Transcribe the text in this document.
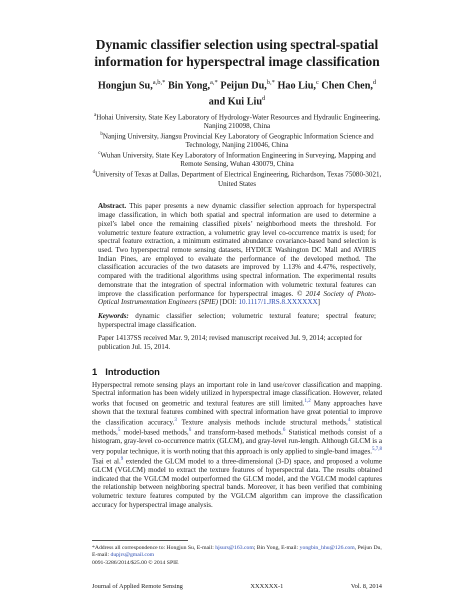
Dynamic classifier selection using spectral-spatial information for hyperspectral image classification
Hongjun Su,$^{a,b,*}$ Bin Yong,$^{a,*}$ Peijun Du,$^{b,*}$ Hao Liu,$^c$ Chen Chen,$^d$ and Kui Liu$^d$
$^a$Hohai University, State Key Laboratory of Hydrology-Water Resources and Hydraulic Engineering, Nanjing 210098, China
$^b$Nanjing University, Jiangsu Provincial Key Laboratory of Geographic Information Science and Technology, Nanjing 210046, China
$^c$Wuhan University, State Key Laboratory of Information Engineering in Surveying, Mapping and Remote Sensing, Wuhan 430079, China
$^d$University of Texas at Dallas, Department of Electrical Engineering, Richardson, Texas 75080-3021, United States
Abstract. This paper presents a new dynamic classifier selection approach for hyperspectral image classification, in which both spatial and spectral information are used to determine a pixel’s label once the remaining classified pixels’ neighborhood meets the threshold. For volumetric texture feature extraction, a volumetric gray level co-occurrence matrix is used; for spectral feature extraction, a minimum estimated abundance covariance-based band selection is used. Two hyperspectral remote sensing datasets, HYDICE Washington DC Mall and AVIRIS Indian Pines, are employed to evaluate the performance of the developed method. The classification accuracies of the two datasets are improved by 1.13% and 4.47%, respectively, compared with the traditional algorithms using spectral information. The experimental results demonstrate that the integration of spectral information with volumetric textural features can improve the classification performance for hyperspectral images. © 2014 Society of Photo-Optical Instrumentation Engineers (SPIE) [DOI: 10.1117/1.JRS.8.XXXXXX]
Keywords: dynamic classifier selection; volumetric textural feature; spectral feature; hyperspectral image classification.
Paper 14137SS received Mar. 9, 2014; revised manuscript received Jul. 9, 2014; accepted for publication Jul. 15, 2014.
1 Introduction
Hyperspectral remote sensing plays an important role in land use/cover classification and mapping. Spectral information has been widely utilized in hyperspectral image classification. However, related works that focused on geometric and textural features are still limited.$^{1,2}$ Many approaches have shown that the textural features combined with spectral information have great potential to improve the classification accuracy.$^3$ Texture analysis methods include structural methods,$^4$ statistical methods,$^5$ model-based methods,$^6$ and transform-based methods.$^6$ Statistical methods consist of a histogram, gray-level co-occurrence matrix (GLCM), and gray-level run-length. Although GLCM is a very popular technique, it is worth noting that this approach is only applied to single-band images.$^{5,7,8}$ Tsai et al.$^9$ extended the GLCM model to a three-dimensional (3-D) space, and proposed a volume GLCM (VGLCM) model to extract the texture features of hyperspectral data. The results obtained indicated that the VGLCM model outperformed the GLCM model, and the VGLCM model captures the relationship between neighboring spectral bands. Moreover, it has been verified that combining volumetric texture features computed by the VGLCM algorithm can improve the classification accuracy for hyperspectral image analysis.
*Address all correspondence to: Hongjun Su, E-mail: hjsurs@163.com; Bin Yong, E-mail: yongbin_hhu@126.com, Peijun Du, E-mail: dupjrs@gmail.com
0091-3286/2014/$25.00 © 2014 SPIE
Journal of Applied Remote Sensing	XXXXXX-1	Vol. 8, 2014
